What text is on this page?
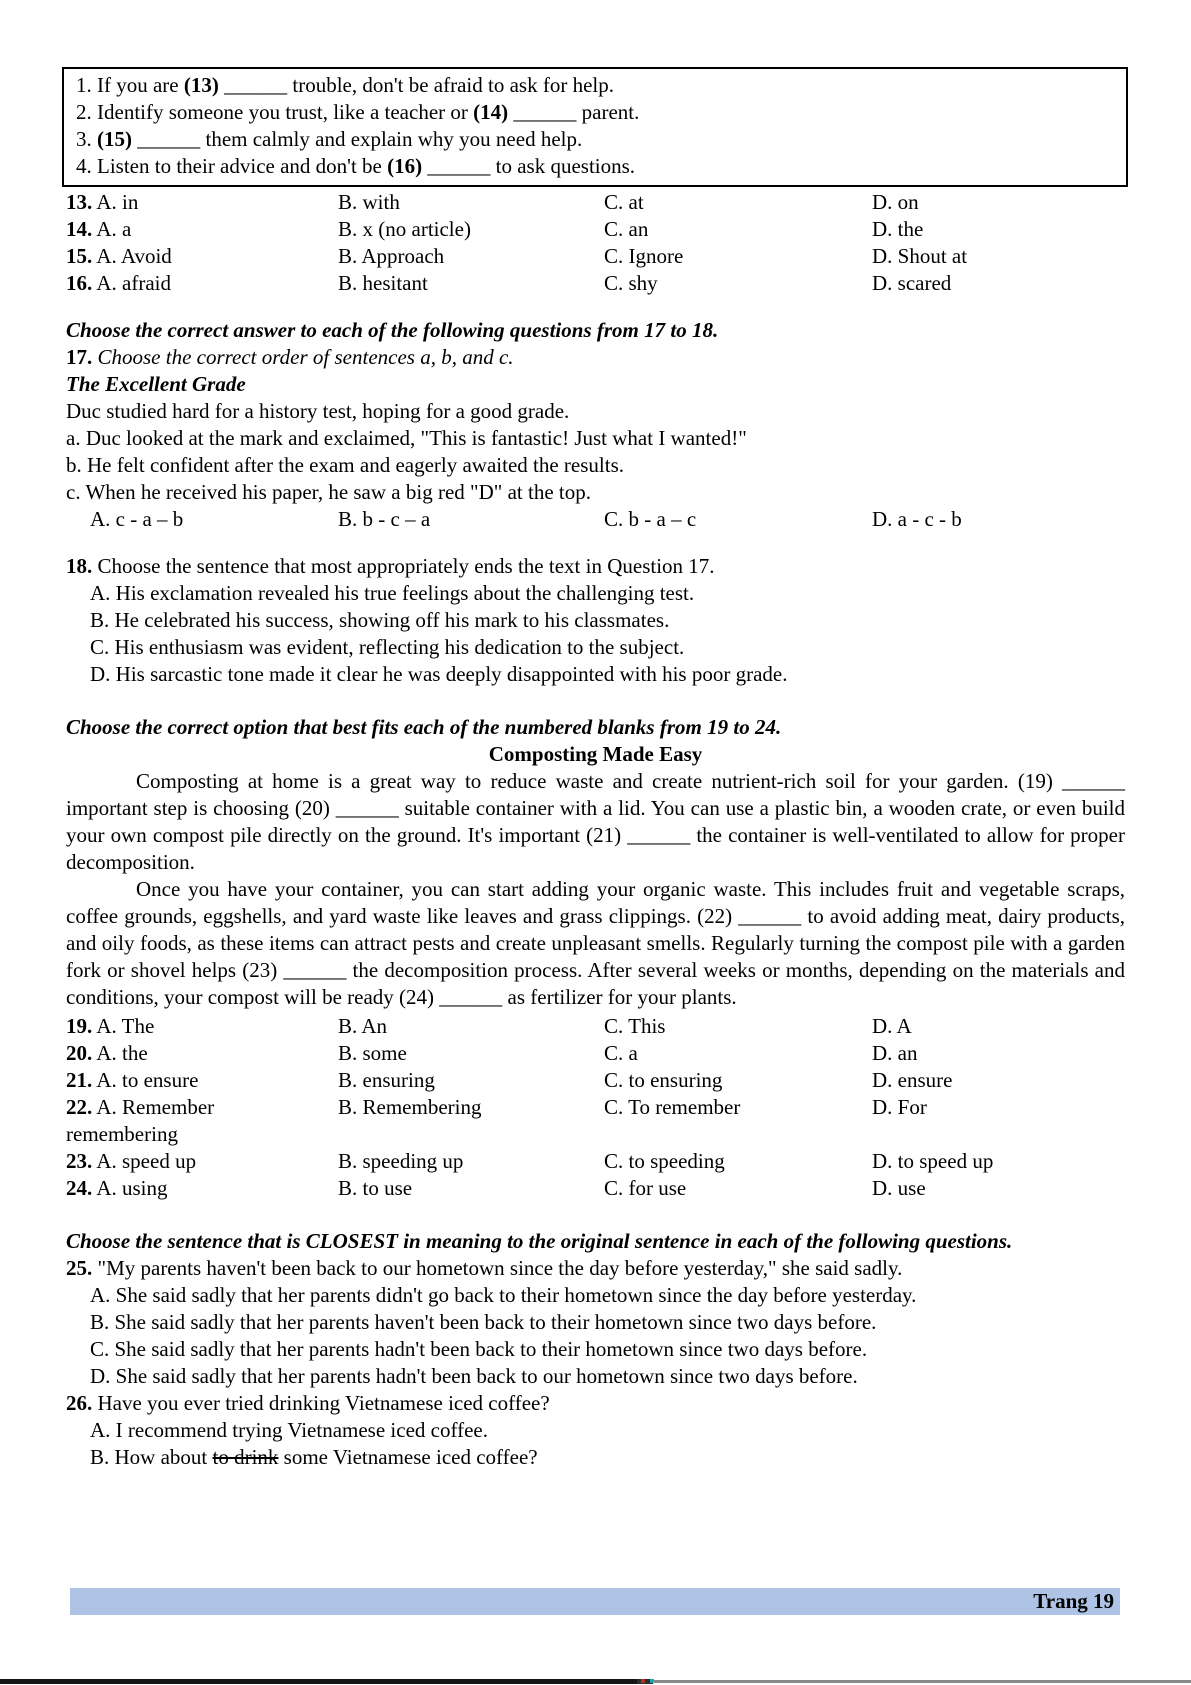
1. If you are (13) ______ trouble, don't be afraid to ask for help.
2. Identify someone you trust, like a teacher or (14) ______ parent.
3. (15) ______ them calmly and explain why you need help.
4. Listen to their advice and don't be (16) ______ to ask questions.
13. A. in	B. with	C. at	D. on
14. A. a	B. x (no article)	C. an	D. the
15. A. Avoid	B. Approach	C. Ignore	D. Shout at
16. A. afraid	B. hesitant	C. shy	D. scared
Choose the correct answer to each of the following questions from 17 to 18.
17. Choose the correct order of sentences a, b, and c.
The Excellent Grade
Duc studied hard for a history test, hoping for a good grade.
a. Duc looked at the mark and exclaimed, "This is fantastic! Just what I wanted!"
b. He felt confident after the exam and eagerly awaited the results.
c. When he received his paper, he saw a big red "D" at the top.
A. c - a – b	B. b - c – a	C. b - a – c	D. a - c - b
18. Choose the sentence that most appropriately ends the text in Question 17.
A. His exclamation revealed his true feelings about the challenging test.
B. He celebrated his success, showing off his mark to his classmates.
C. His enthusiasm was evident, reflecting his dedication to the subject.
D. His sarcastic tone made it clear he was deeply disappointed with his poor grade.
Choose the correct option that best fits each of the numbered blanks from 19 to 24.
Composting Made Easy
Composting at home is a great way to reduce waste and create nutrient-rich soil for your garden. (19) ______ important step is choosing (20) ______ suitable container with a lid. You can use a plastic bin, a wooden crate, or even build your own compost pile directly on the ground. It's important (21) ______ the container is well-ventilated to allow for proper decomposition.
Once you have your container, you can start adding your organic waste. This includes fruit and vegetable scraps, coffee grounds, eggshells, and yard waste like leaves and grass clippings. (22) ______ to avoid adding meat, dairy products, and oily foods, as these items can attract pests and create unpleasant smells. Regularly turning the compost pile with a garden fork or shovel helps (23) ______ the decomposition process. After several weeks or months, depending on the materials and conditions, your compost will be ready (24) ______ as fertilizer for your plants.
19. A. The	B. An	C. This	D. A
20. A. the	B. some	C. a	D. an
21. A. to ensure	B. ensuring	C. to ensuring	D. ensure
22. A. Remember	B. Remembering	C. To remember	D. For
remembering
23. A. speed up	B. speeding up	C. to speeding	D. to speed up
24. A. using	B. to use	C. for use	D. use
Choose the sentence that is CLOSEST in meaning to the original sentence in each of the following questions.
25. "My parents haven't been back to our hometown since the day before yesterday," she said sadly.
A. She said sadly that her parents didn't go back to their hometown since the day before yesterday.
B. She said sadly that her parents haven't been back to their hometown since two days before.
C. She said sadly that her parents hadn't been back to their hometown since two days before.
D. She said sadly that her parents hadn't been back to our hometown since two days before.
26. Have you ever tried drinking Vietnamese iced coffee?
A. I recommend trying Vietnamese iced coffee.
B. How about to drink some Vietnamese iced coffee?
Trang 19
